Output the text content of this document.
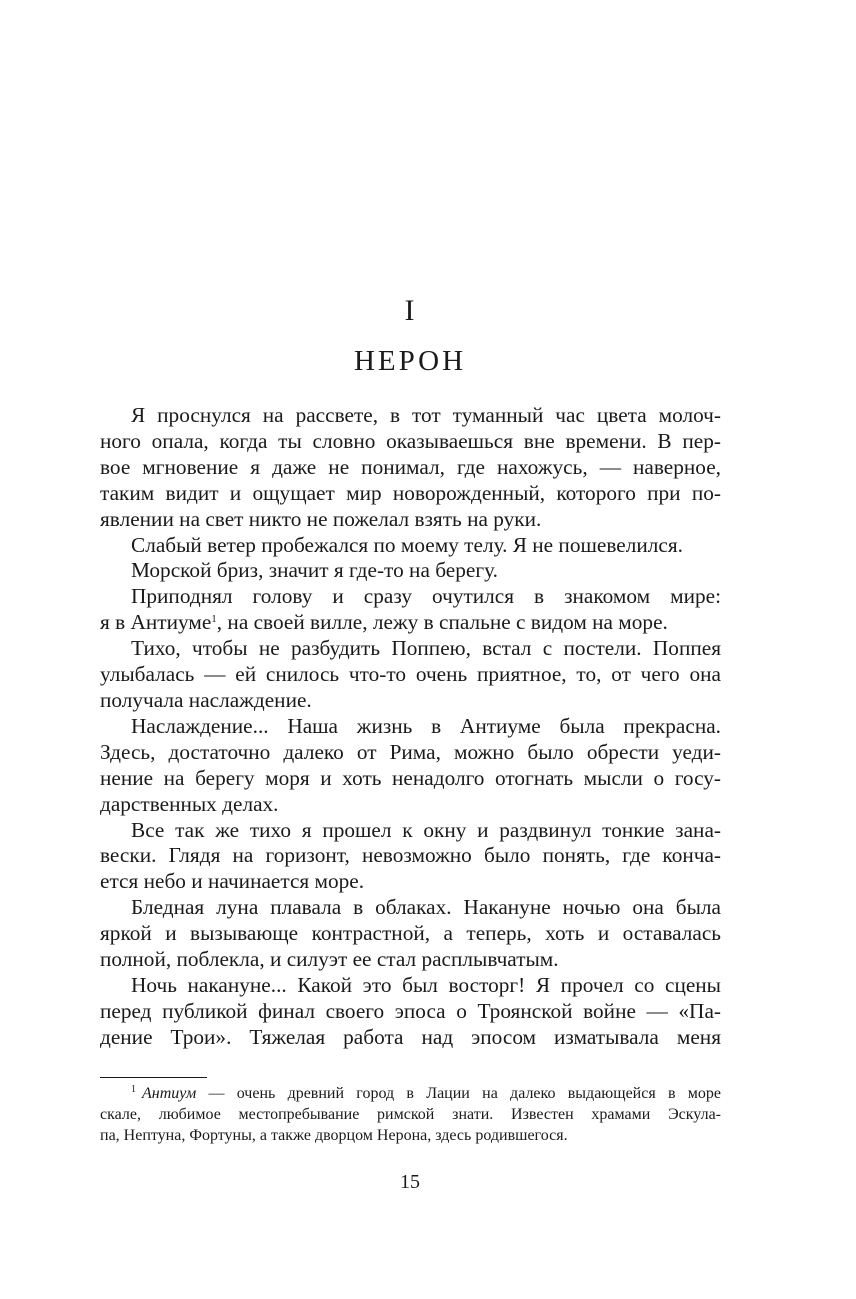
I
НЕРОН

Я проснулся на рассвете, в тот туманный час цвета молоч-
ного опала, когда ты словно оказываешься вне времени. В пер-
вое мгновение я даже не понимал, где нахожусь, — наверное,
таким видит и ощущает мир новорожденный, которого при по-
явлении на свет никто не пожелал взять на руки.

Слабый ветер пробежался по моему телу. Я не пошевелился.

Морской бриз, значит я где-то на берегу.

Приподнял голову и сразу очутился в знакомом мире:
я в Антиуме$^1$, на своей вилле, лежу в спальне с видом на море.

Тихо, чтобы не разбудить Поппею, встал с постели. Поппея
улыбалась — ей снилось что-то очень приятное, то, от чего она
получала наслаждение.

Наслаждение... Наша жизнь в Антиуме была прекрасна.
Здесь, достаточно далеко от Рима, можно было обрести уеди-
нение на берегу моря и хоть ненадолго отогнать мысли о госу-
дарственных делах.

Все так же тихо я прошел к окну и раздвинул тонкие зана-
вески. Глядя на горизонт, невозможно было понять, где конча-
ется небо и начинается море.

Бледная луна плавала в облаках. Накануне ночью она была
яркой и вызывающе контрастной, а теперь, хоть и оставалась
полной, поблекла, и силуэт ее стал расплывчатым.

Ночь накануне... Какой это был восторг! Я прочел со сцены
перед публикой финал своего эпоса о Троянской войне — «Па-
дение Трои». Тяжелая работа над эпосом изматывала меня

$^1$ Антиум — очень древний город в Лации на далеко выдающейся в море
скале, любимое местопребывание римской знати. Известен храмами Эскула-
па, Нептуна, Фортуны, а также дворцом Нерона, здесь родившегося.
15
